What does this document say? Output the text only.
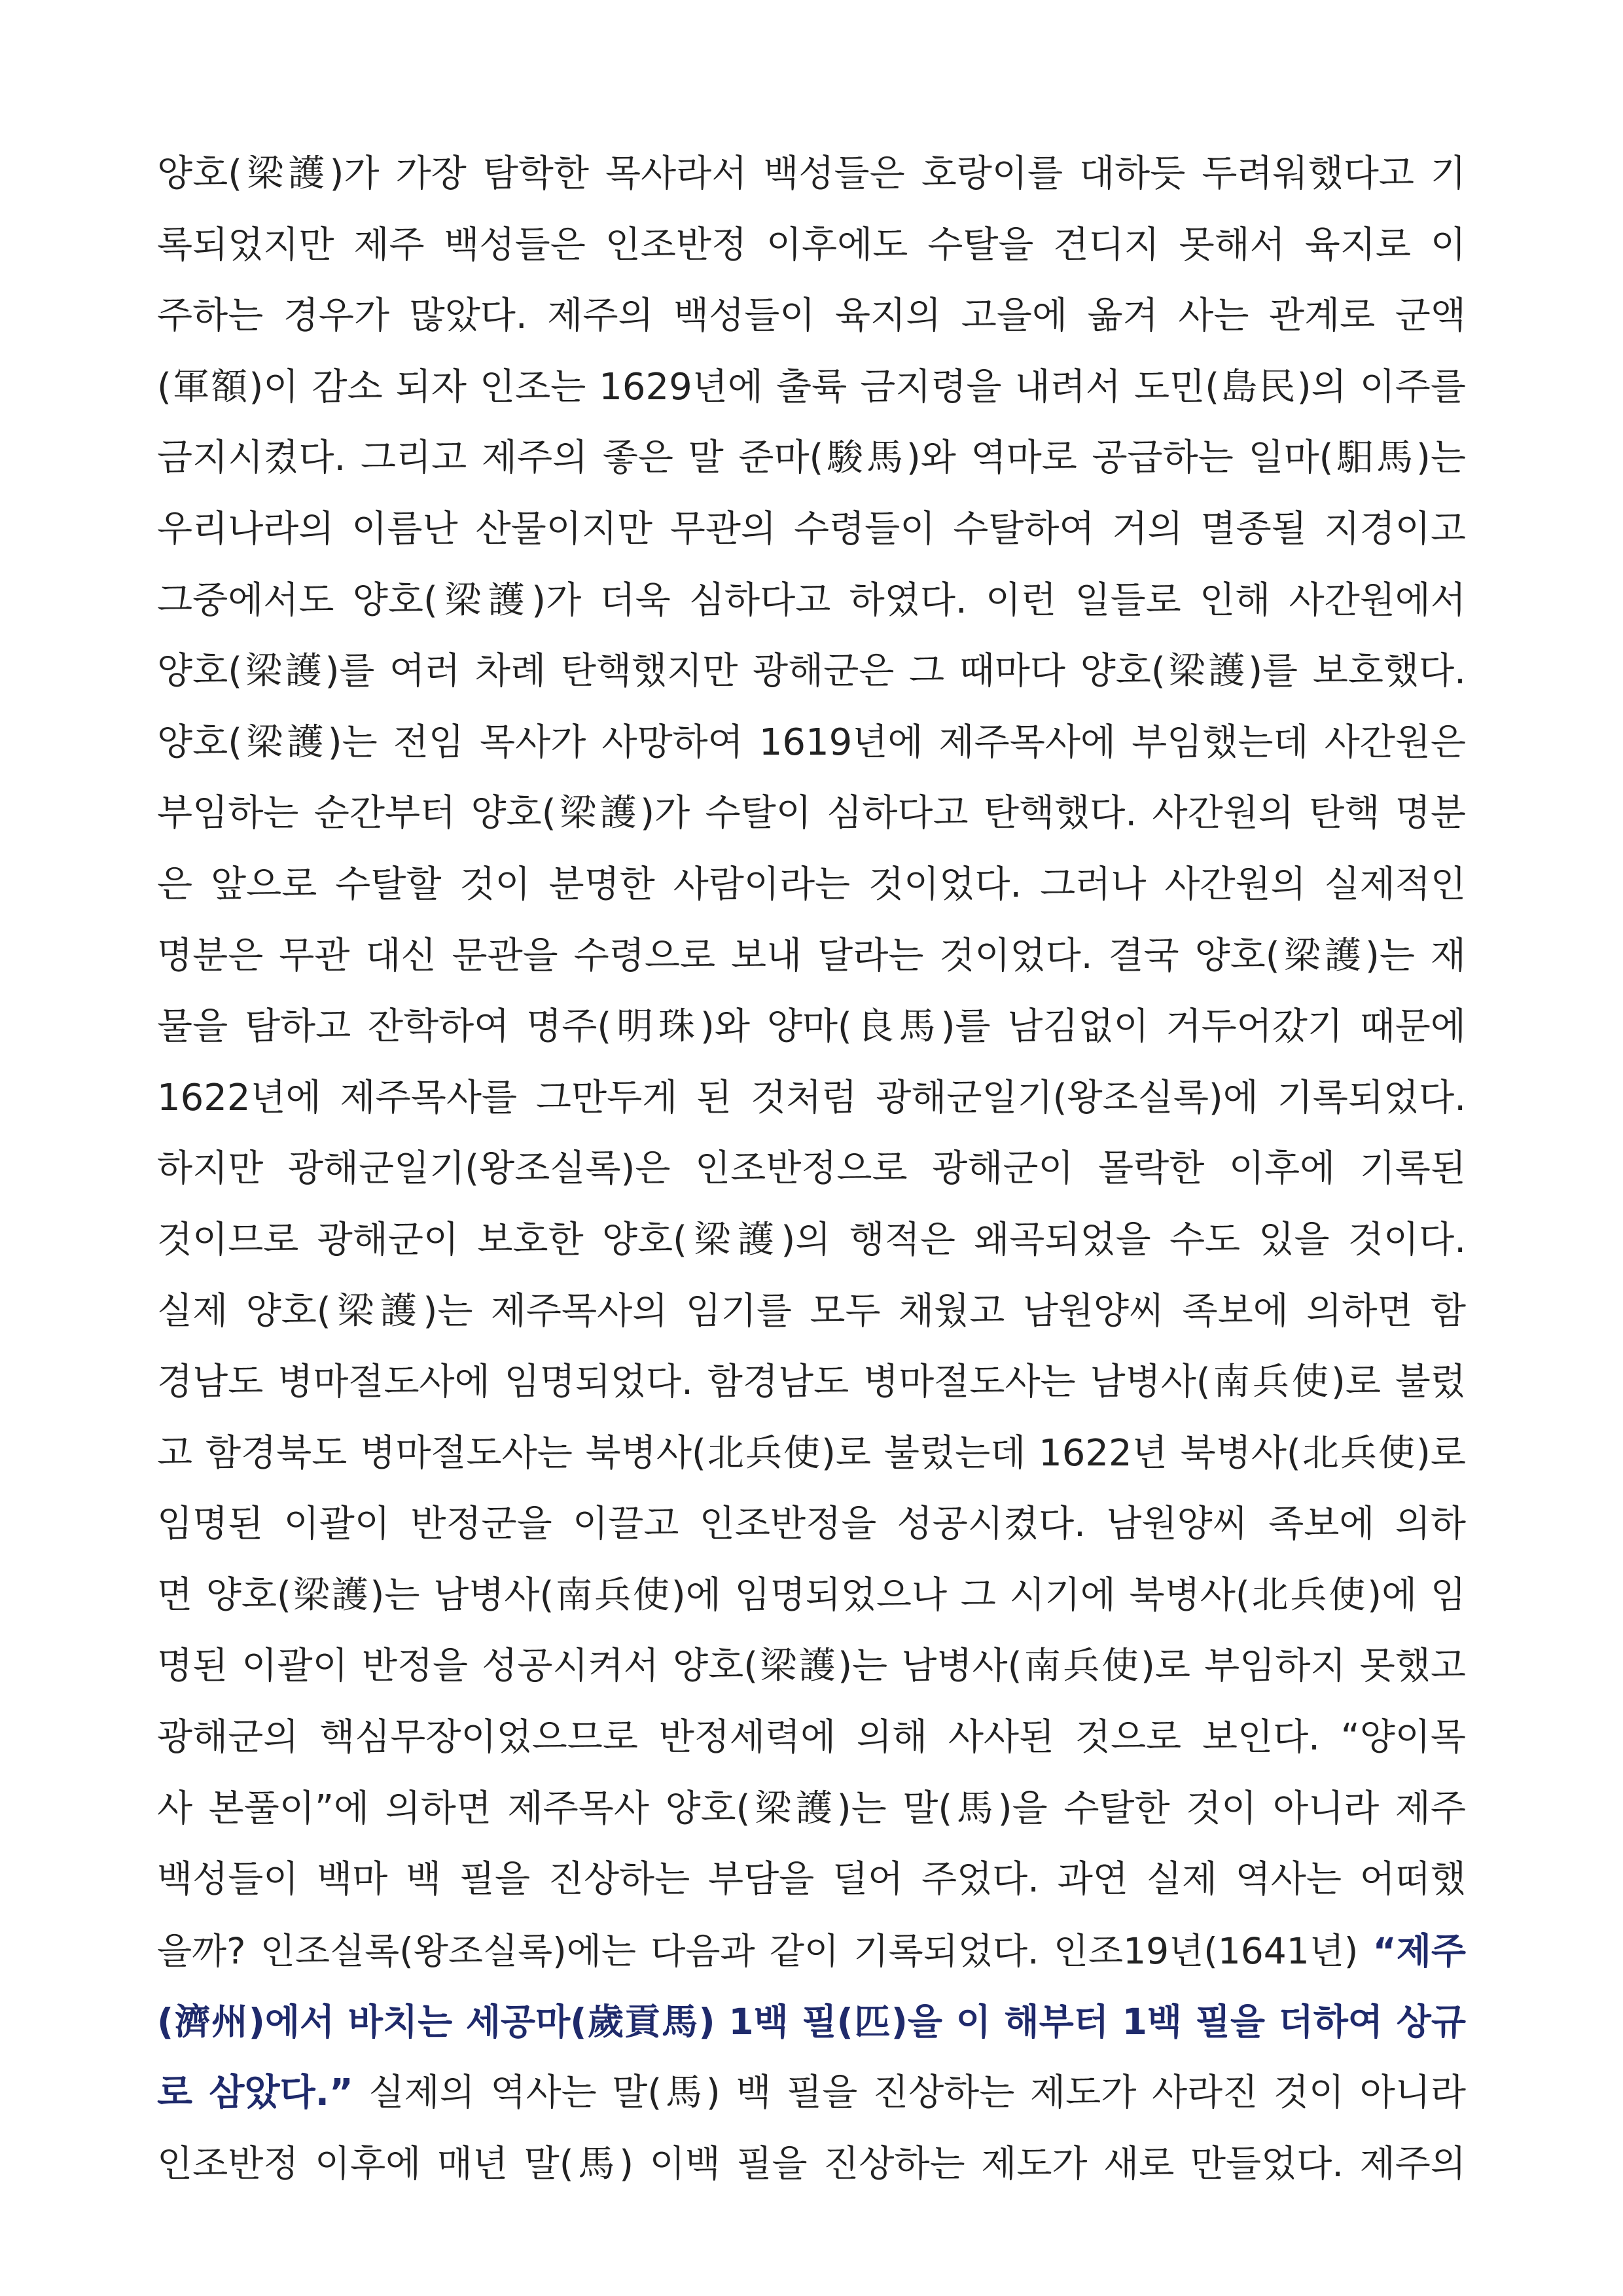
양호(梁護)가 가장 탐학한 목사라서 백성들은 호랑이를 대하듯 두려워했다고 기
록되었지만 제주 백성들은 인조반정 이후에도 수탈을 견디지 못해서 육지로 이
주하는 경우가 많았다. 제주의 백성들이 육지의 고을에 옮겨 사는 관계로 군액
(軍額)이 감소 되자 인조는 1629년에 출륙 금지령을 내려서 도민(島民)의 이주를
금지시켰다. 그리고 제주의 좋은 말 준마(駿馬)와 역마로 공급하는 일마(馹馬)는
우리나라의 이름난 산물이지만 무관의 수령들이 수탈하여 거의 멸종될 지경이고
그중에서도 양호(梁護)가 더욱 심하다고 하였다. 이런 일들로 인해 사간원에서
양호(梁護)를 여러 차례 탄핵했지만 광해군은 그 때마다 양호(梁護)를 보호했다.
양호(梁護)는 전임 목사가 사망하여 1619년에 제주목사에 부임했는데 사간원은
부임하는 순간부터 양호(梁護)가 수탈이 심하다고 탄핵했다. 사간원의 탄핵 명분
은 앞으로 수탈할 것이 분명한 사람이라는 것이었다. 그러나 사간원의 실제적인
명분은 무관 대신 문관을 수령으로 보내 달라는 것이었다. 결국 양호(梁護)는 재
물을 탐하고 잔학하여 명주(明珠)와 양마(良馬)를 남김없이 거두어갔기 때문에
1622년에 제주목사를 그만두게 된 것처럼 광해군일기(왕조실록)에 기록되었다.
하지만 광해군일기(왕조실록)은 인조반정으로 광해군이 몰락한 이후에 기록된
것이므로 광해군이 보호한 양호(梁護)의 행적은 왜곡되었을 수도 있을 것이다.
실제 양호(梁護)는 제주목사의 임기를 모두 채웠고 남원양씨 족보에 의하면 함
경남도 병마절도사에 임명되었다. 함경남도 병마절도사는 남병사(南兵使)로 불렀
고 함경북도 병마절도사는 북병사(北兵使)로 불렀는데 1622년 북병사(北兵使)로
임명된 이괄이 반정군을 이끌고 인조반정을 성공시켰다. 남원양씨 족보에 의하
면 양호(梁護)는 남병사(南兵使)에 임명되었으나 그 시기에 북병사(北兵使)에 임
명된 이괄이 반정을 성공시켜서 양호(梁護)는 남병사(南兵使)로 부임하지 못했고
광해군의 핵심무장이었으므로 반정세력에 의해 사사된 것으로 보인다. “양이목
사 본풀이”에 의하면 제주목사 양호(梁護)는 말(馬)을 수탈한 것이 아니라 제주
백성들이 백마 백 필을 진상하는 부담을 덜어 주었다. 과연 실제 역사는 어떠했
을까? 인조실록(왕조실록)에는 다음과 같이 기록되었다. 인조19년(1641년) “제주
(濟州)에서 바치는 세공마(歲貢馬) 1백 필(匹)을 이 해부터 1백 필을 더하여 상규
로 삼았다.” 실제의 역사는 말(馬) 백 필을 진상하는 제도가 사라진 것이 아니라
인조반정 이후에 매년 말(馬) 이백 필을 진상하는 제도가 새로 만들었다. 제주의
